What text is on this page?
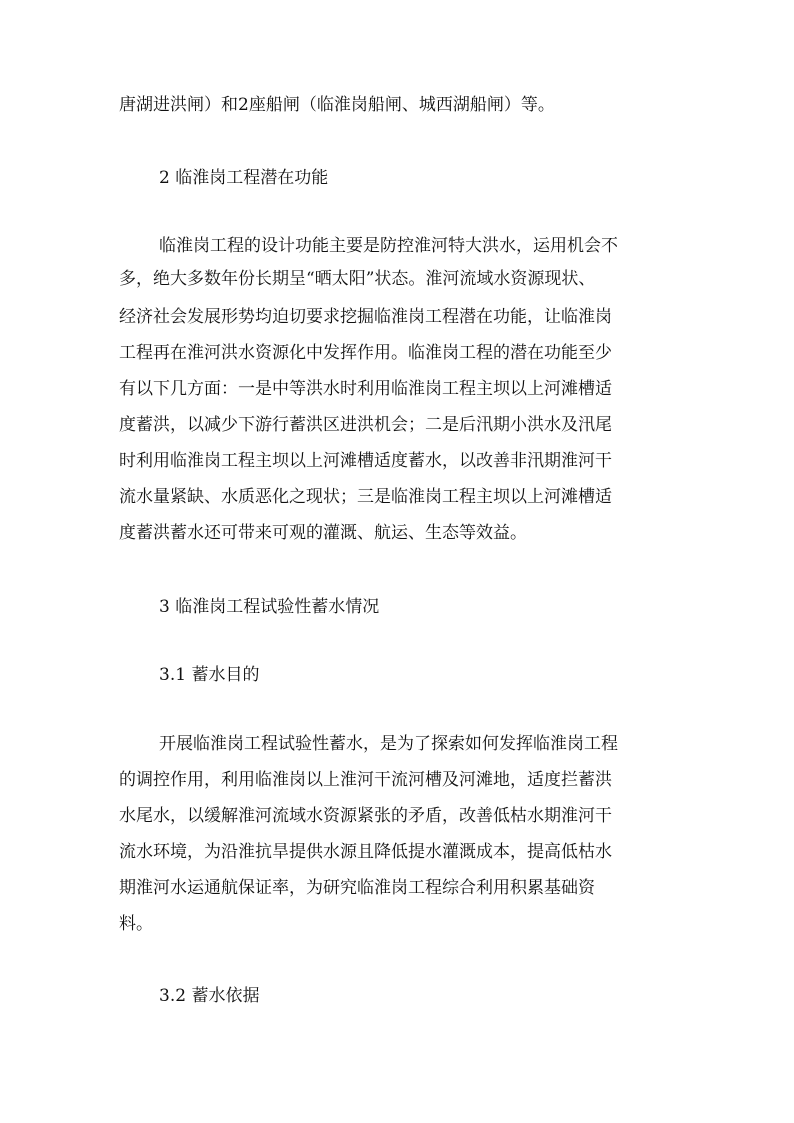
唐湖进洪闸）和2座船闸（临淮岗船闸、城西湖船闸）等。
2 临淮岗工程潜在功能
临淮岗工程的设计功能主要是防控淮河特大洪水，运用机会不
多，绝大多数年份长期呈“晒太阳”状态。淮河流域水资源现状、
经济社会发展形势均迫切要求挖掘临淮岗工程潜在功能，让临淮岗
工程再在淮河洪水资源化中发挥作用。临淮岗工程的潜在功能至少
有以下几方面：一是中等洪水时利用临淮岗工程主坝以上河滩槽适
度蓄洪，以减少下游行蓄洪区进洪机会；二是后汛期小洪水及汛尾
时利用临淮岗工程主坝以上河滩槽适度蓄水，以改善非汛期淮河干
流水量紧缺、水质恶化之现状；三是临淮岗工程主坝以上河滩槽适
度蓄洪蓄水还可带来可观的灌溉、航运、生态等效益。
3 临淮岗工程试验性蓄水情况
3.1 蓄水目的
开展临淮岗工程试验性蓄水，是为了探索如何发挥临淮岗工程
的调控作用，利用临淮岗以上淮河干流河槽及河滩地，适度拦蓄洪
水尾水，以缓解淮河流域水资源紧张的矛盾，改善低枯水期淮河干
流水环境，为沿淮抗旱提供水源且降低提水灌溉成本，提高低枯水
期淮河水运通航保证率，为研究临淮岗工程综合利用积累基础资
料。
3.2 蓄水依据
